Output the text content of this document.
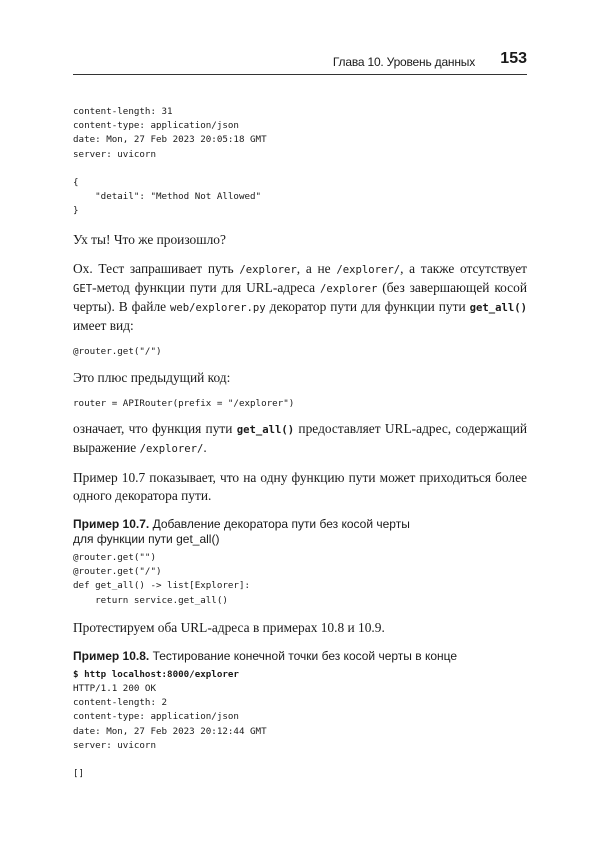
Глава 10. Уровень данных 153
content-length: 31
content-type: application/json
date: Mon, 27 Feb 2023 20:05:18 GMT
server: uvicorn

{
"detail": "Method Not Allowed"
}

Ух ты! Что же произошло?

Ох. Тест запрашивает путь /explorer, а не /explorer/, а также отсутствует GET-метод функции пути для URL-адреса /explorer (без завершающей косой черты). В файле web/explorer.py декоратор пути для функции пути get_all() имеет вид:

@router.get("/")

Это плюс предыдущий код:

router = APIRouter(prefix = "/explorer")

означает, что функция пути get_all() предоставляет URL-адрес, содержащий выражение /explorer/.

Пример 10.7 показывает, что на одну функцию пути может приходиться более одного декоратора пути.

Пример 10.7. Добавление декоратора пути без косой черты для функции пути get_all()

@router.get("")
@router.get("/")
def get_all() -> list[Explorer]:
return service.get_all()

Протестируем оба URL-адреса в примерах 10.8 и 10.9.

Пример 10.8. Тестирование конечной точки без косой черты в конце

$ http localhost:8000/explorer
HTTP/1.1 200 OK
content-length: 2
content-type: application/json
date: Mon, 27 Feb 2023 20:12:44 GMT
server: uvicorn

[]
